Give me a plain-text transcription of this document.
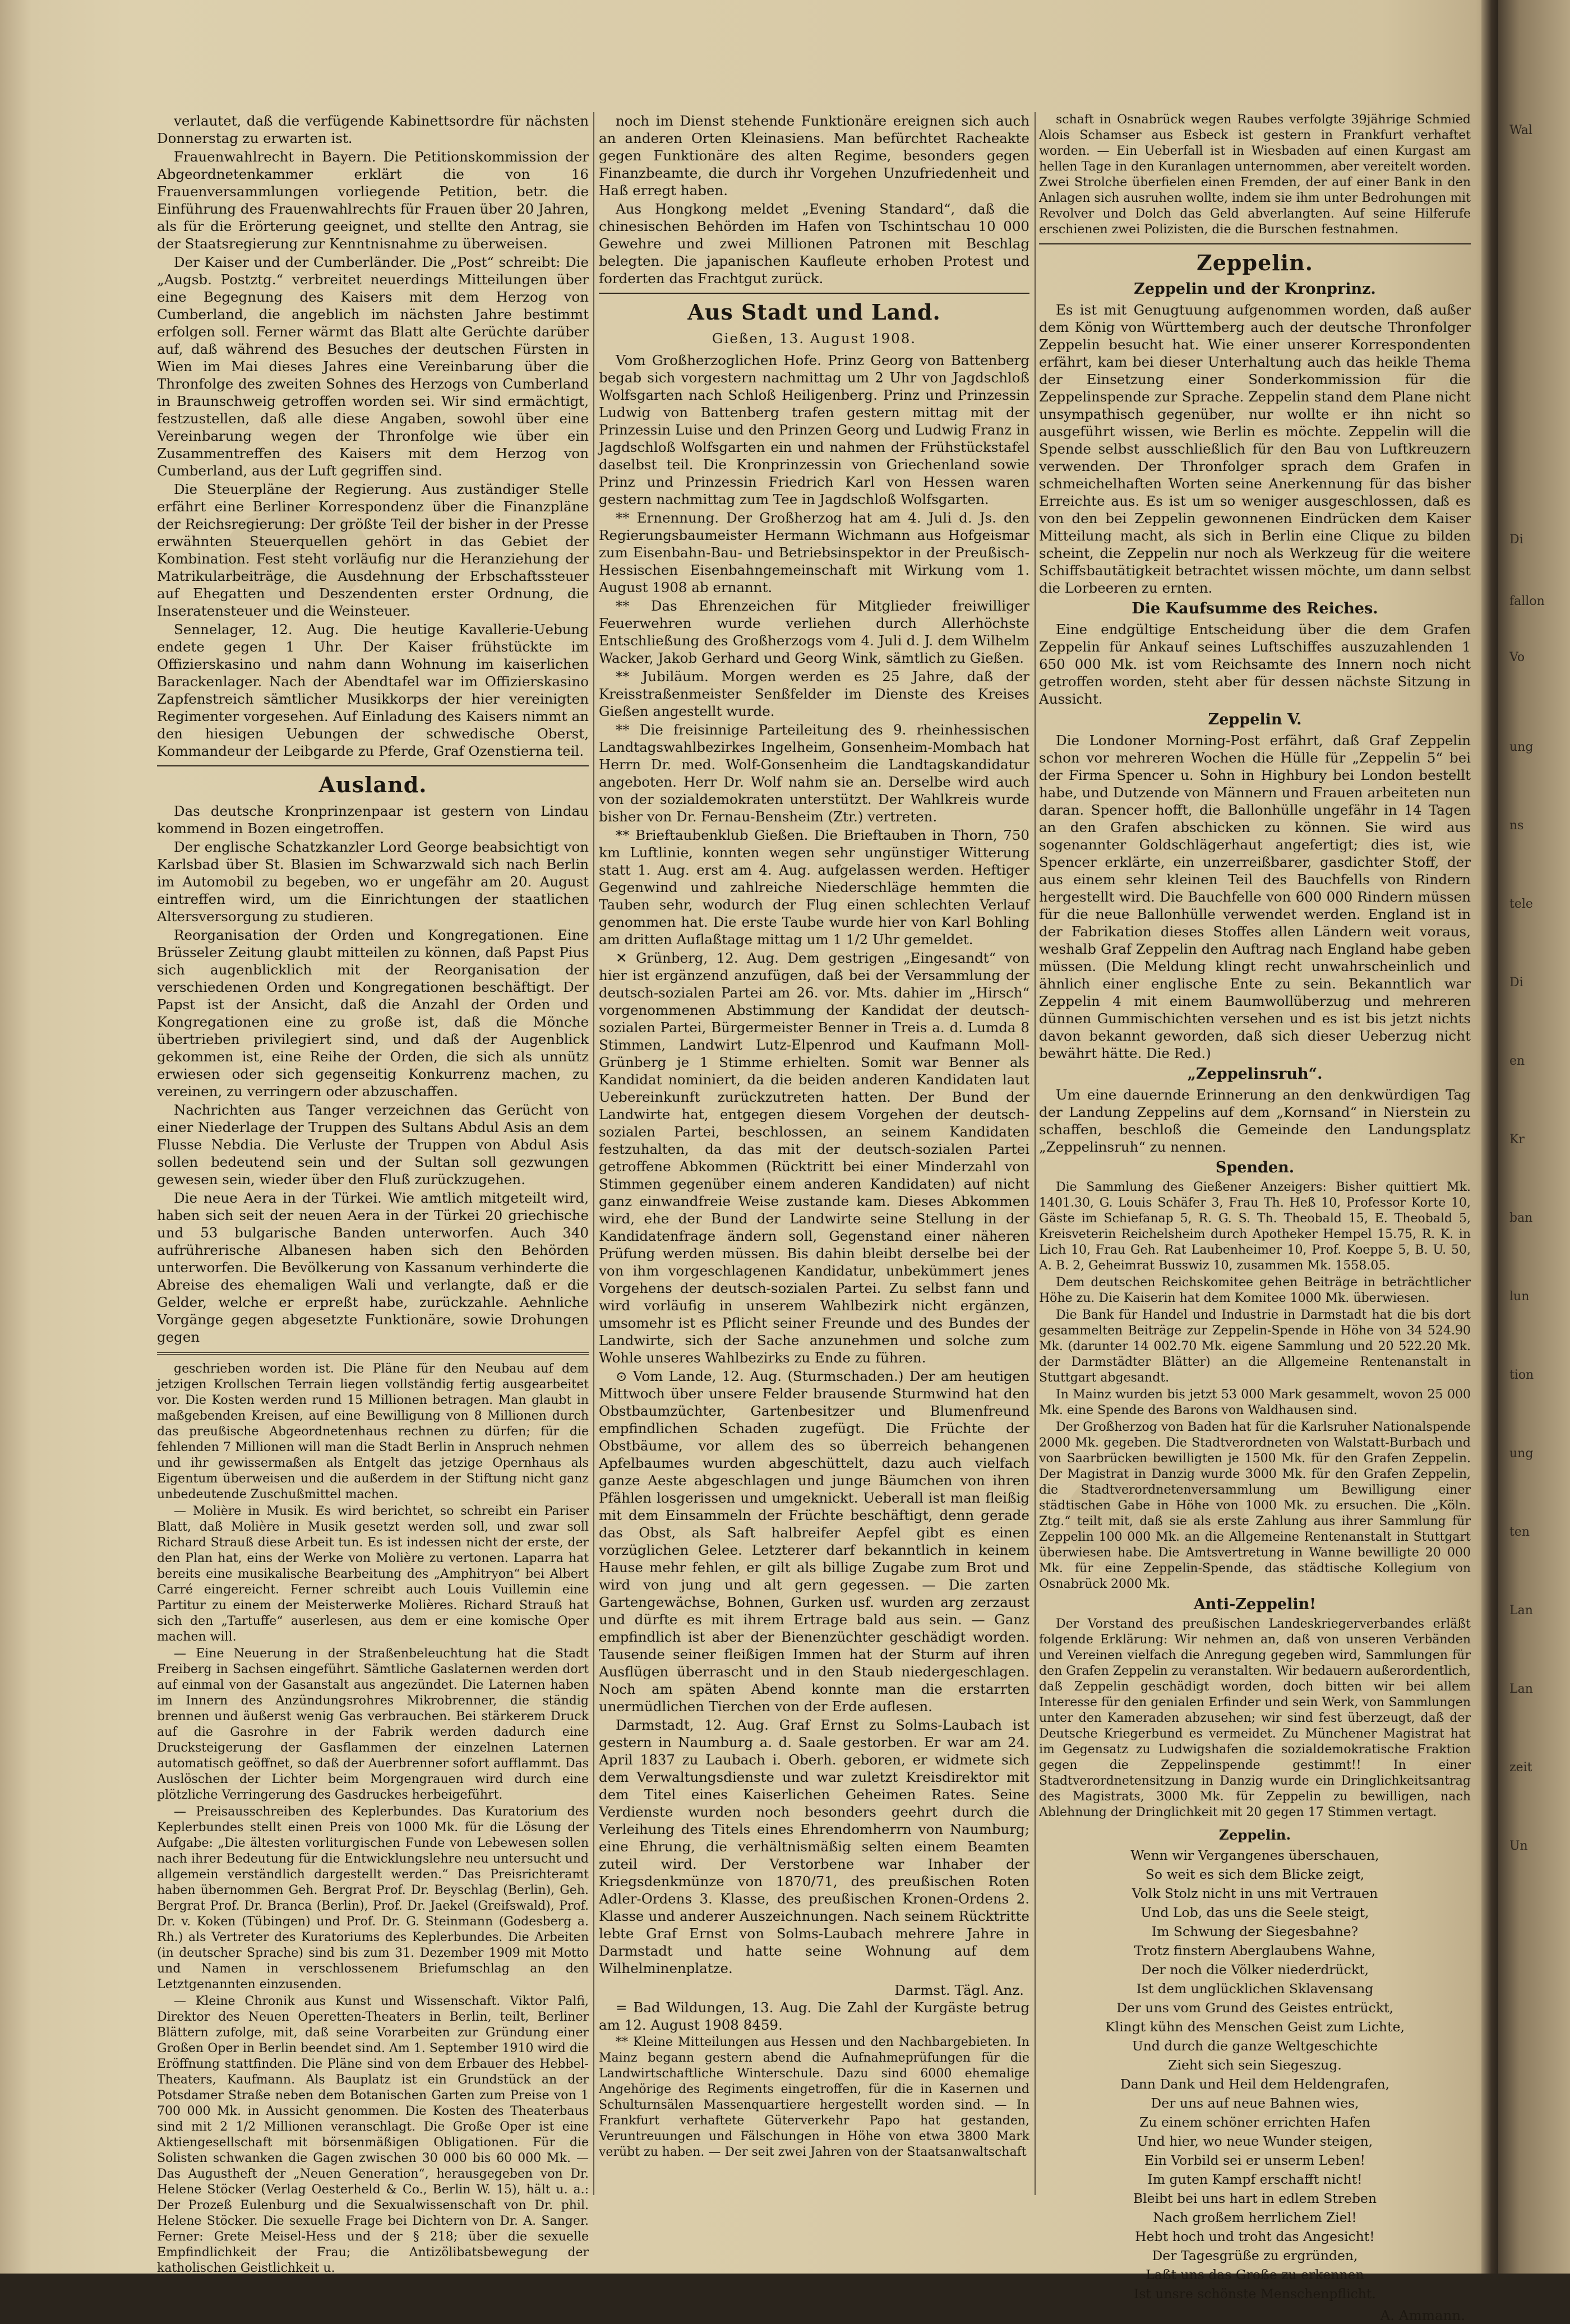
verlautet, daß die verfügende Kabinettsordre für nächsten Donnerstag zu erwarten ist.

Frauenwahlrecht in Bayern. Die Petitionskommission der Abgeordnetenkammer erklärt die von 16 Frauenversammlungen vorliegende Petition, betr. die Einführung des Frauenwahlrechts für Frauen über 20 Jahren, als für die Erörterung geeignet, und stellte den Antrag, sie der Staatsregierung zur Kenntnisnahme zu überweisen.

Der Kaiser und der Cumberländer. Die „Post“ schreibt: Die „Augsb. Postztg.“ verbreitet neuerdings Mitteilungen über eine Begegnung des Kaisers mit dem Herzog von Cumberland, die angeblich im nächsten Jahre bestimmt erfolgen soll. Ferner wärmt das Blatt alte Gerüchte darüber auf, daß während des Besuches der deutschen Fürsten in Wien im Mai dieses Jahres eine Vereinbarung über die Thronfolge des zweiten Sohnes des Herzogs von Cumberland in Braunschweig getroffen worden sei. Wir sind ermächtigt, festzustellen, daß alle diese Angaben, sowohl über eine Vereinbarung wegen der Thronfolge wie über ein Zusammentreffen des Kaisers mit dem Herzog von Cumberland, aus der Luft gegriffen sind.

Die Steuerpläne der Regierung. Aus zuständiger Stelle erfährt eine Berliner Korrespondenz über die Finanzpläne der Reichsregierung: Der größte Teil der bisher in der Presse erwähnten Steuerquellen gehört in das Gebiet der Kombination. Fest steht vorläufig nur die Heranziehung der Matrikularbeiträge, die Ausdehnung der Erbschaftssteuer auf Ehegatten und Deszendenten erster Ordnung, die Inseratensteuer und die Weinsteuer.

Sennelager, 12. Aug. Die heutige Kavallerie-Uebung endete gegen 1 Uhr. Der Kaiser frühstückte im Offizierskasino und nahm dann Wohnung im kaiserlichen Barackenlager. Nach der Abendtafel war im Offizierskasino Zapfenstreich sämtlicher Musikkorps der hier vereinigten Regimenter vorgesehen. Auf Einladung des Kaisers nimmt an den hiesigen Uebungen der schwedische Oberst, Kommandeur der Leibgarde zu Pferde, Graf Ozenstierna teil.

Ausland.

Das deutsche Kronprinzenpaar ist gestern von Lindau kommend in Bozen eingetroffen.

Der englische Schatzkanzler Lord George beabsichtigt von Karlsbad über St. Blasien im Schwarzwald sich nach Berlin im Automobil zu begeben, wo er ungefähr am 20. August eintreffen wird, um die Einrichtungen der staatlichen Altersversorgung zu studieren.

Reorganisation der Orden und Kongregationen. Eine Brüsseler Zeitung glaubt mitteilen zu können, daß Papst Pius sich augenblicklich mit der Reorganisation der verschiedenen Orden und Kongregationen beschäftigt. Der Papst ist der Ansicht, daß die Anzahl der Orden und Kongregationen eine zu große ist, daß die Mönche übertrieben privilegiert sind, und daß der Augenblick gekommen ist, eine Reihe der Orden, die sich als unnütz erwiesen oder sich gegenseitig Konkurrenz machen, zu vereinen, zu verringern oder abzuschaffen.

Nachrichten aus Tanger verzeichnen das Gerücht von einer Niederlage der Truppen des Sultans Abdul Asis an dem Flusse Nebdia. Die Verluste der Truppen von Abdul Asis sollen bedeutend sein und der Sultan soll gezwungen gewesen sein, wieder über den Fluß zurückzugehen.

Die neue Aera in der Türkei. Wie amtlich mitgeteilt wird, haben sich seit der neuen Aera in der Türkei 20 griechische und 53 bulgarische Banden unterworfen. Auch 340 aufrührerische Albanesen haben sich den Behörden unterworfen. Die Bevölkerung von Kassanum verhinderte die Abreise des ehemaligen Wali und verlangte, daß er die Gelder, welche er erpreßt habe, zurückzahle. Aehnliche Vorgänge gegen abgesetzte Funktionäre, sowie Drohungen gegen

geschrieben worden ist. Die Pläne für den Neubau auf dem jetzigen Krollschen Terrain liegen vollständig fertig ausgearbeitet vor. Die Kosten werden rund 15 Millionen betragen. Man glaubt in maßgebenden Kreisen, auf eine Bewilligung von 8 Millionen durch das preußische Abgeordnetenhaus rechnen zu dürfen; für die fehlenden 7 Millionen will man die Stadt Berlin in Anspruch nehmen und ihr gewissermaßen als Entgelt das jetzige Opernhaus als Eigentum überweisen und die außerdem in der Stiftung nicht ganz unbedeutende Zuschußmittel machen.

— Molière in Musik. Es wird berichtet, so schreibt ein Pariser Blatt, daß Molière in Musik gesetzt werden soll, und zwar soll Richard Strauß diese Arbeit tun. Es ist indessen nicht der erste, der den Plan hat, eins der Werke von Molière zu vertonen. Laparra hat bereits eine musikalische Bearbeitung des „Amphitryon“ bei Albert Carré eingereicht. Ferner schreibt auch Louis Vuillemin eine Partitur zu einem der Meisterwerke Molières. Richard Strauß hat sich den „Tartuffe“ auserlesen, aus dem er eine komische Oper machen will.

— Eine Neuerung in der Straßenbeleuchtung hat die Stadt Freiberg in Sachsen eingeführt. Sämtliche Gaslaternen werden dort auf einmal von der Gasanstalt aus angezündet. Die Laternen haben im Innern des Anzündungsrohres Mikrobrenner, die ständig brennen und äußerst wenig Gas verbrauchen. Bei stärkerem Druck auf die Gasrohre in der Fabrik werden dadurch eine Drucksteigerung der Gasflammen der einzelnen Laternen automatisch geöffnet, so daß der Auerbrenner sofort aufflammt. Das Auslöschen der Lichter beim Morgengrauen wird durch eine plötzliche Verringerung des Gasdruckes herbeigeführt.

— Preisausschreiben des Keplerbundes. Das Kuratorium des Keplerbundes stellt einen Preis von 1000 Mk. für die Lösung der Aufgabe: „Die ältesten vorliturgischen Funde von Lebewesen sollen nach ihrer Bedeutung für die Entwicklungslehre neu untersucht und allgemein verständlich dargestellt werden.“ Das Preisrichteramt haben übernommen Geh. Bergrat Prof. Dr. Beyschlag (Berlin), Geh. Bergrat Prof. Dr. Branca (Berlin), Prof. Dr. Jaekel (Greifswald), Prof. Dr. v. Koken (Tübingen) und Prof. Dr. G. Steinmann (Godesberg a. Rh.) als Vertreter des Kuratoriums des Keplerbundes. Die Arbeiten (in deutscher Sprache) sind bis zum 31. Dezember 1909 mit Motto und Namen in verschlossenem Briefumschlag an den Letztgenannten einzusenden.

— Kleine Chronik aus Kunst und Wissenschaft. Viktor Palfi, Direktor des Neuen Operetten-Theaters in Berlin, teilt, Berliner Blättern zufolge, mit, daß seine Vorarbeiten zur Gründung einer Großen Oper in Berlin beendet sind. Am 1. September 1910 wird die Eröffnung stattfinden. Die Pläne sind von dem Erbauer des Hebbel-Theaters, Kaufmann. Als Bauplatz ist ein Grundstück an der Potsdamer Straße neben dem Botanischen Garten zum Preise von 1 700 000 Mk. in Aussicht genommen. Die Kosten des Theaterbaus sind mit 2 1/2 Millionen veranschlagt. Die Große Oper ist eine Aktiengesellschaft mit börsenmäßigen Obligationen. Für die Solisten schwanken die Gagen zwischen 30 000 bis 60 000 Mk. — Das Augustheft der „Neuen Generation“, herausgegeben von Dr. Helene Stöcker (Verlag Oesterheld & Co., Berlin W. 15), hält u. a.: Der Prozeß Eulenburg und die Sexualwissenschaft von Dr. phil. Helene Stöcker. Die sexuelle Frage bei Dichtern von Dr. A. Sanger. Ferner: Grete Meisel-Hess und der § 218; über die sexuelle Empfindlichkeit der Frau; die Antizölibatsbewegung der katholischen Geistlichkeit u.

noch im Dienst stehende Funktionäre ereignen sich auch an anderen Orten Kleinasiens. Man befürchtet Racheakte gegen Funktionäre des alten Regime, besonders gegen Finanzbeamte, die durch ihr Vorgehen Unzufriedenheit und Haß erregt haben.

Aus Hongkong meldet „Evening Standard“, daß die chinesischen Behörden im Hafen von Tschintschau 10 000 Gewehre und zwei Millionen Patronen mit Beschlag belegten. Die japanischen Kaufleute erhoben Protest und forderten das Frachtgut zurück.

Aus Stadt und Land.
Gießen, 13. August 1908.

Vom Großherzoglichen Hofe. Prinz Georg von Battenberg begab sich vorgestern nachmittag um 2 Uhr von Jagdschloß Wolfsgarten nach Schloß Heiligenberg. Prinz und Prinzessin Ludwig von Battenberg trafen gestern mittag mit der Prinzessin Luise und den Prinzen Georg und Ludwig Franz in Jagdschloß Wolfsgarten ein und nahmen der Frühstückstafel daselbst teil. Die Kronprinzessin von Griechenland sowie Prinz und Prinzessin Friedrich Karl von Hessen waren gestern nachmittag zum Tee in Jagdschloß Wolfsgarten.

** Ernennung. Der Großherzog hat am 4. Juli d. Js. den Regierungsbaumeister Hermann Wichmann aus Hofgeismar zum Eisenbahn-Bau- und Betriebsinspektor in der Preußisch-Hessischen Eisenbahngemeinschaft mit Wirkung vom 1. August 1908 ab ernannt.

** Das Ehrenzeichen für Mitglieder freiwilliger Feuerwehren wurde verliehen durch Allerhöchste Entschließung des Großherzogs vom 4. Juli d. J. dem Wilhelm Wacker, Jakob Gerhard und Georg Wink, sämtlich zu Gießen.

** Jubiläum. Morgen werden es 25 Jahre, daß der Kreisstraßenmeister Senßfelder im Dienste des Kreises Gießen angestellt wurde.

** Die freisinnige Parteileitung des 9. rheinhessischen Landtagswahlbezirkes Ingelheim, Gonsenheim-Mombach hat Herrn Dr. med. Wolf-Gonsenheim die Landtagskandidatur angeboten. Herr Dr. Wolf nahm sie an. Derselbe wird auch von der sozialdemokraten unterstützt. Der Wahlkreis wurde bisher von Dr. Fernau-Bensheim (Ztr.) vertreten.

** Brieftaubenklub Gießen. Die Brieftauben in Thorn, 750 km Luftlinie, konnten wegen sehr ungünstiger Witterung statt 1. Aug. erst am 4. Aug. aufgelassen werden. Heftiger Gegenwind und zahlreiche Niederschläge hemmten die Tauben sehr, wodurch der Flug einen schlechten Verlauf genommen hat. Die erste Taube wurde hier von Karl Bohling am dritten Auflaßtage mittag um 1 1/2 Uhr gemeldet.

✕ Grünberg, 12. Aug. Dem gestrigen „Eingesandt“ von hier ist ergänzend anzufügen, daß bei der Versammlung der deutsch-sozialen Partei am 26. vor. Mts. dahier im „Hirsch“ vorgenommenen Abstimmung der Kandidat der deutsch-sozialen Partei, Bürgermeister Benner in Treis a. d. Lumda 8 Stimmen, Landwirt Lutz-Elpenrod und Kaufmann Moll-Grünberg je 1 Stimme erhielten. Somit war Benner als Kandidat nominiert, da die beiden anderen Kandidaten laut Uebereinkunft zurückzutreten hatten. Der Bund der Landwirte hat, entgegen diesem Vorgehen der deutsch-sozialen Partei, beschlossen, an seinem Kandidaten festzuhalten, da das mit der deutsch-sozialen Partei getroffene Abkommen (Rücktritt bei einer Minderzahl von Stimmen gegenüber einem anderen Kandidaten) auf nicht ganz einwandfreie Weise zustande kam. Dieses Abkommen wird, ehe der Bund der Landwirte seine Stellung in der Kandidatenfrage ändern soll, Gegenstand einer näheren Prüfung werden müssen. Bis dahin bleibt derselbe bei der von ihm vorgeschlagenen Kandidatur, unbekümmert jenes Vorgehens der deutsch-sozialen Partei. Zu selbst fann und wird vorläufig in unserem Wahlbezirk nicht ergänzen, umsomehr ist es Pflicht seiner Freunde und des Bundes der Landwirte, sich der Sache anzunehmen und solche zum Wohle unseres Wahlbezirks zu Ende zu führen.

⊙ Vom Lande, 12. Aug. (Sturmschaden.) Der am heutigen Mittwoch über unsere Felder brausende Sturmwind hat den Obstbaumzüchter, Gartenbesitzer und Blumenfreund empfindlichen Schaden zugefügt. Die Früchte der Obstbäume, vor allem des so überreich behangenen Apfelbaumes wurden abgeschüttelt, dazu auch vielfach ganze Aeste abgeschlagen und junge Bäumchen von ihren Pfählen losgerissen und umgeknickt. Ueberall ist man fleißig mit dem Einsammeln der Früchte beschäftigt, denn gerade das Obst, als Saft halbreifer Aepfel gibt es einen vorzüglichen Gelee. Letzterer darf bekanntlich in keinem Hause mehr fehlen, er gilt als billige Zugabe zum Brot und wird von jung und alt gern gegessen. — Die zarten Gartengewächse, Bohnen, Gurken usf. wurden arg zerzaust und dürfte es mit ihrem Ertrage bald aus sein. — Ganz empfindlich ist aber der Bienenzüchter geschädigt worden. Tausende seiner fleißigen Immen hat der Sturm auf ihren Ausflügen überrascht und in den Staub niedergeschlagen. Noch am späten Abend konnte man die erstarrten unermüdlichen Tierchen von der Erde auflesen.

Darmstadt, 12. Aug. Graf Ernst zu Solms-Laubach ist gestern in Naumburg a. d. Saale gestorben. Er war am 24. April 1837 zu Laubach i. Oberh. geboren, er widmete sich dem Verwaltungsdienste und war zuletzt Kreisdirektor mit dem Titel eines Kaiserlichen Geheimen Rates. Seine Verdienste wurden noch besonders geehrt durch die Verleihung des Titels eines Ehrendomherrn von Naumburg; eine Ehrung, die verhältnismäßig selten einem Beamten zuteil wird. Der Verstorbene war Inhaber der Kriegsdenkmünze von 1870/71, des preußischen Roten Adler-Ordens 3. Klasse, des preußischen Kronen-Ordens 2. Klasse und anderer Auszeichnungen. Nach seinem Rücktritte lebte Graf Ernst von Solms-Laubach mehrere Jahre in Darmstadt und hatte seine Wohnung auf dem Wilhelminenplatze.

Darmst. Tägl. Anz.

= Bad Wildungen, 13. Aug. Die Zahl der Kurgäste betrug am 12. August 1908 8459.

** Kleine Mitteilungen aus Hessen und den Nachbargebieten. In Mainz begann gestern abend die Aufnahmeprüfungen für die Landwirtschaftliche Winterschule. Dazu sind 6000 ehemalige Angehörige des Regiments eingetroffen, für die in Kasernen und Schulturnsälen Massenquartiere hergestellt worden sind. — In Frankfurt verhaftete Güterverkehr Papo hat gestanden, Veruntreuungen und Fälschungen in Höhe von etwa 3800 Mark verübt zu haben. — Der seit zwei Jahren von der Staatsanwaltschaft

schaft in Osnabrück wegen Raubes verfolgte 39jährige Schmied Alois Schamser aus Esbeck ist gestern in Frankfurt verhaftet worden. — Ein Ueberfall ist in Wiesbaden auf einen Kurgast am hellen Tage in den Kuranlagen unternommen, aber vereitelt worden. Zwei Strolche überfielen einen Fremden, der auf einer Bank in den Anlagen sich ausruhen wollte, indem sie ihm unter Bedrohungen mit Revolver und Dolch das Geld abverlangten. Auf seine Hilferufe erschienen zwei Polizisten, die die Burschen festnahmen.

Zeppelin.
Zeppelin und der Kronprinz.

Es ist mit Genugtuung aufgenommen worden, daß außer dem König von Württemberg auch der deutsche Thronfolger Zeppelin besucht hat. Wie einer unserer Korrespondenten erfährt, kam bei dieser Unterhaltung auch das heikle Thema der Einsetzung einer Sonderkommission für die Zeppelinspende zur Sprache. Zeppelin stand dem Plane nicht unsympathisch gegenüber, nur wollte er ihn nicht so ausgeführt wissen, wie Berlin es möchte. Zeppelin will die Spende selbst ausschließlich für den Bau von Luftkreuzern verwenden. Der Thronfolger sprach dem Grafen in schmeichelhaften Worten seine Anerkennung für das bisher Erreichte aus. Es ist um so weniger ausgeschlossen, daß es von den bei Zeppelin gewonnenen Eindrücken dem Kaiser Mitteilung macht, als sich in Berlin eine Clique zu bilden scheint, die Zeppelin nur noch als Werkzeug für die weitere Schiffsbautätigkeit betrachtet wissen möchte, um dann selbst die Lorbeeren zu ernten.

Die Kaufsumme des Reiches.

Eine endgültige Entscheidung über die dem Grafen Zeppelin für Ankauf seines Luftschiffes auszuzahlenden 1 650 000 Mk. ist vom Reichsamte des Innern noch nicht getroffen worden, steht aber für dessen nächste Sitzung in Aussicht.

Zeppelin V.

Die Londoner Morning-Post erfährt, daß Graf Zeppelin schon vor mehreren Wochen die Hülle für „Zeppelin 5“ bei der Firma Spencer u. Sohn in Highbury bei London bestellt habe, und Dutzende von Männern und Frauen arbeiteten nun daran. Spencer hofft, die Ballonhülle ungefähr in 14 Tagen an den Grafen abschicken zu können. Sie wird aus sogenannter Goldschlägerhaut angefertigt; dies ist, wie Spencer erklärte, ein unzerreißbarer, gasdichter Stoff, der aus einem sehr kleinen Teil des Bauchfells von Rindern hergestellt wird. Die Bauchfelle von 600 000 Rindern müssen für die neue Ballonhülle verwendet werden. England ist in der Fabrikation dieses Stoffes allen Ländern weit voraus, weshalb Graf Zeppelin den Auftrag nach England habe geben müssen. (Die Meldung klingt recht unwahrscheinlich und ähnlich einer englische Ente zu sein. Bekanntlich war Zeppelin 4 mit einem Baumwollüberzug und mehreren dünnen Gummischichten versehen und es ist bis jetzt nichts davon bekannt geworden, daß sich dieser Ueberzug nicht bewährt hätte. Die Red.)

„Zeppelinsruh“.

Um eine dauernde Erinnerung an den denkwürdigen Tag der Landung Zeppelins auf dem „Kornsand“ in Nierstein zu schaffen, beschloß die Gemeinde den Landungsplatz „Zeppelinsruh“ zu nennen.

Spenden.

Die Sammlung des Gießener Anzeigers: Bisher quittiert Mk. 1401.30, G. Louis Schäfer 3, Frau Th. Heß 10, Professor Korte 10, Gäste im Schiefanap 5, R. G. S. Th. Theobald 15, E. Theobald 5, Kreisveterin Reichelsheim durch Apotheker Hempel 15.75, R. K. in Lich 10, Frau Geh. Rat Laubenheimer 10, Prof. Koeppe 5, B. U. 50, A. B. 2, Geheimrat Busswiz 10, zusammen Mk. 1558.05.

Dem deutschen Reichskomitee gehen Beiträge in beträchtlicher Höhe zu. Die Kaiserin hat dem Komitee 1000 Mk. überwiesen.

Die Bank für Handel und Industrie in Darmstadt hat die bis dort gesammelten Beiträge zur Zeppelin-Spende in Höhe von 34 524.90 Mk. (darunter 14 002.70 Mk. eigene Sammlung und 20 522.20 Mk. der Darmstädter Blätter) an die Allgemeine Rentenanstalt in Stuttgart abgesandt.

In Mainz wurden bis jetzt 53 000 Mark gesammelt, wovon 25 000 Mk. eine Spende des Barons von Waldhausen sind.

Der Großherzog von Baden hat für die Karlsruher Nationalspende 2000 Mk. gegeben. Die Stadtverordneten von Walstatt-Burbach und von Saarbrücken bewilligten je 1500 Mk. für den Grafen Zeppelin. Der Magistrat in Danzig wurde 3000 Mk. für den Grafen Zeppelin, die Stadtverordnetenversammlung um Bewilligung einer städtischen Gabe in Höhe von 1000 Mk. zu ersuchen. Die „Köln. Ztg.“ teilt mit, daß sie als erste Zahlung aus ihrer Sammlung für Zeppelin 100 000 Mk. an die Allgemeine Rentenanstalt in Stuttgart überwiesen habe. Die Amtsvertretung in Wanne bewilligte 20 000 Mk. für eine Zeppelin-Spende, das städtische Kollegium von Osnabrück 2000 Mk.

Anti-Zeppelin!

Der Vorstand des preußischen Landeskriegerverbandes erläßt folgende Erklärung: Wir nehmen an, daß von unseren Verbänden und Vereinen vielfach die Anregung gegeben wird, Sammlungen für den Grafen Zeppelin zu veranstalten. Wir bedauern außerordentlich, daß Zeppelin geschädigt worden, doch bitten wir bei allem Interesse für den genialen Erfinder und sein Werk, von Sammlungen unter den Kameraden abzusehen; wir sind fest überzeugt, daß der Deutsche Kriegerbund es vermeidet. Zu Münchener Magistrat hat im Gegensatz zu Ludwigshafen die sozialdemokratische Fraktion gegen die Zeppelinspende gestimmt!! In einer Stadtverordnetensitzung in Danzig wurde ein Dringlichkeitsantrag des Magistrats, 3000 Mk. für Zeppelin zu bewilligen, nach Ablehnung der Dringlichkeit mit 20 gegen 17 Stimmen vertagt.

Zeppelin.
Wenn wir Vergangenes überschauen,
So weit es sich dem Blicke zeigt,
Volk Stolz nicht in uns mit Vertrauen
Und Lob, das uns die Seele steigt,
Im Schwung der Siegesbahne?
Trotz finstern Aberglaubens Wahne,
Der noch die Völker niederdrückt,
Ist dem unglücklichen Sklavensang
Der uns vom Grund des Geistes entrückt,
Klingt kühn des Menschen Geist zum Lichte,
Und durch die ganze Weltgeschichte
Zieht sich sein Siegeszug.
Dann Dank und Heil dem Heldengrafen,
Der uns auf neue Bahnen wies,
Zu einem schöner errichten Hafen
Und hier, wo neue Wunder steigen,
Ein Vorbild sei er unserm Leben!
Im guten Kampf erschafft nicht!
Bleibt bei uns hart in edlem Streben
Nach großem herrlichem Ziel!
Hebt hoch und troht das Angesicht!
Der Tagesgrüße zu ergründen,
Laßt uns das Große zu erkennen
Ist unsre schönste Menschenpflicht.
A. Ammann.
Wal
Di
fallon
Vo
ung
ns
tele
Di
en
Kr
ban
lun
tion
ung
ten
Lan
Lan
zeit
Un
